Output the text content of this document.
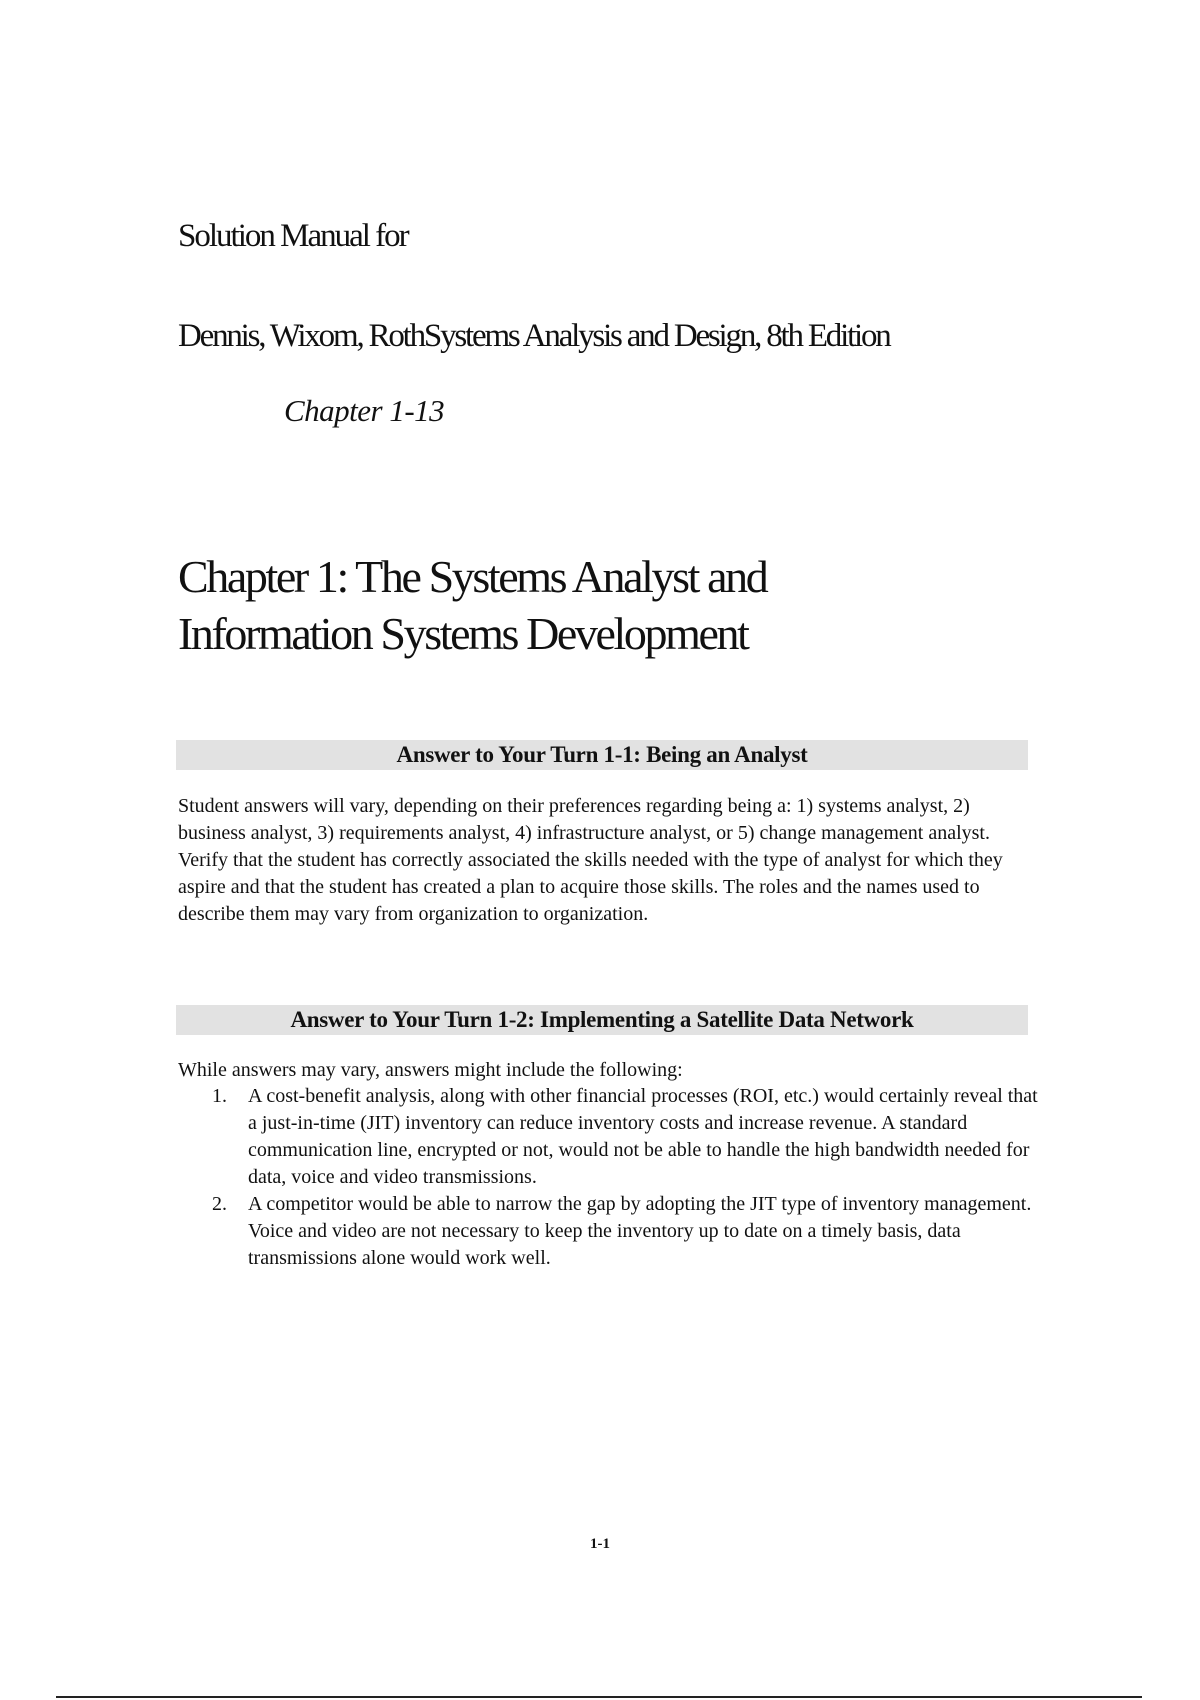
Solution Manual for
Dennis, Wixom, RothSystems Analysis and Design, 8th Edition
Chapter 1-13
Chapter 1: The Systems Analyst and
Information Systems Development
Answer to Your Turn 1-1: Being an Analyst

Student answers will vary, depending on their preferences regarding being a: 1) systems analyst, 2) business analyst, 3) requirements analyst, 4) infrastructure analyst, or 5) change management analyst. Verify that the student has correctly associated the skills needed with the type of analyst for which they aspire and that the student has created a plan to acquire those skills. The roles and the names used to describe them may vary from organization to organization.

Answer to Your Turn 1-2: Implementing a Satellite Data Network

While answers may vary, answers might include the following:

1. A cost-benefit analysis, along with other financial processes (ROI, etc.) would certainly reveal that a just-in-time (JIT) inventory can reduce inventory costs and increase revenue. A standard communication line, encrypted or not, would not be able to handle the high bandwidth needed for data, voice and video transmissions.
2. A competitor would be able to narrow the gap by adopting the JIT type of inventory management. Voice and video are not necessary to keep the inventory up to date on a timely basis, data transmissions alone would work well.
1-1
